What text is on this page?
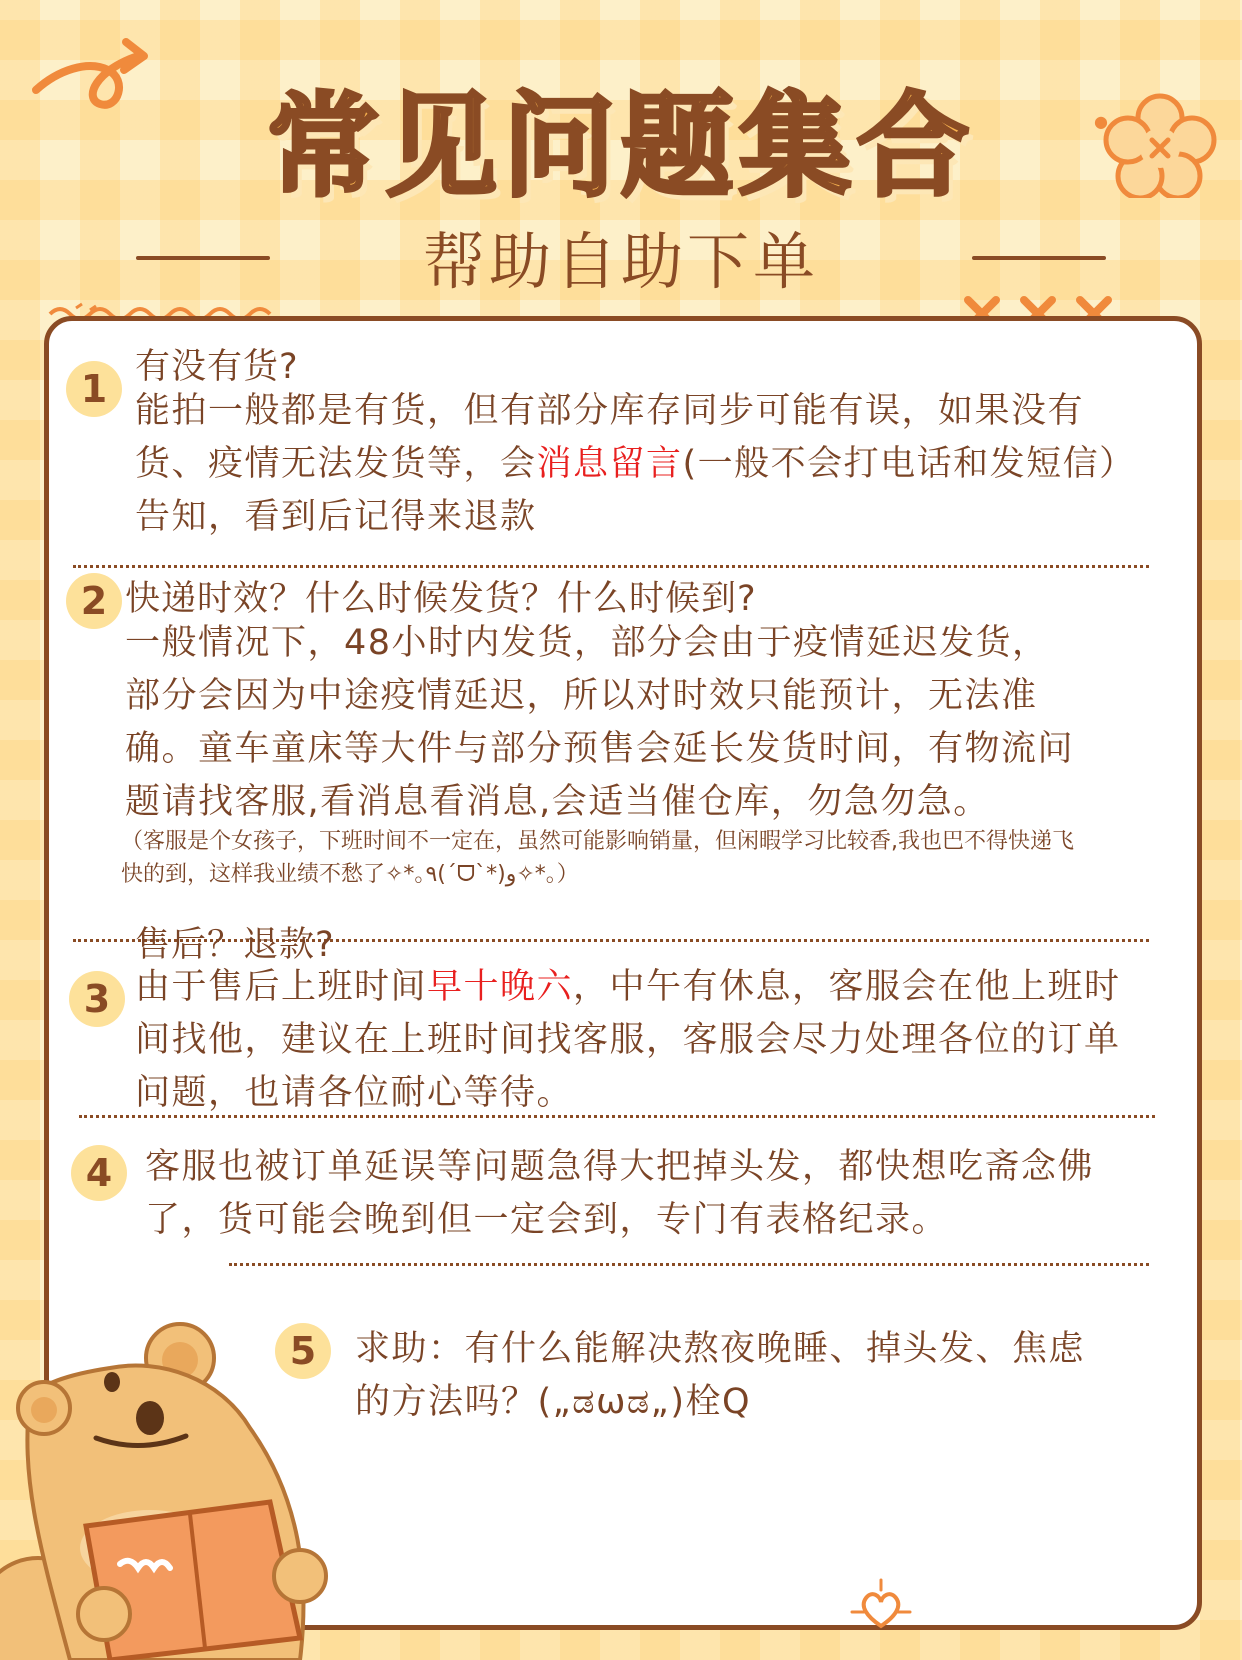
●
常见问题集合
帮助自助下单
1 有没有货?

能拍一般都是有货，但有部分库存同步可能有误，如果没有货、疫情无法发货等，会消息留言(一般不会打电话和发短信）告知，看到后记得来退款

2 快递时效？什么时候发货？什么时候到?

一般情况下，48小时内发货，部分会由于疫情延迟发货，部分会因为中途疫情延迟，所以对时效只能预计，无法准确。童车童床等大件与部分预售会延长发货时间，有物流问题请找客服,看消息看消息,会适当催仓库，勿急勿急。

（客服是个女孩子，下班时间不一定在，虽然可能影响销量，但闲暇学习比较香,我也巴不得快递飞快的到，这样我业绩不愁了✧*｡٩(ˊᗜˋ*)و✧*｡）

3

售后？退款?

由于售后上班时间早十晚六，中午有休息，客服会在他上班时间找他，建议在上班时间找客服，客服会尽力处理各位的订单问题，也请各位耐心等待。

4 客服也被订单延误等问题急得大把掉头发，都快想吃斋念佛了，货可能会晚到但一定会到，专门有表格纪录。

5	求助：有什么能解决熬夜晚睡、掉头发、焦虑的方法吗？(„ಡωಡ„)栓Q
